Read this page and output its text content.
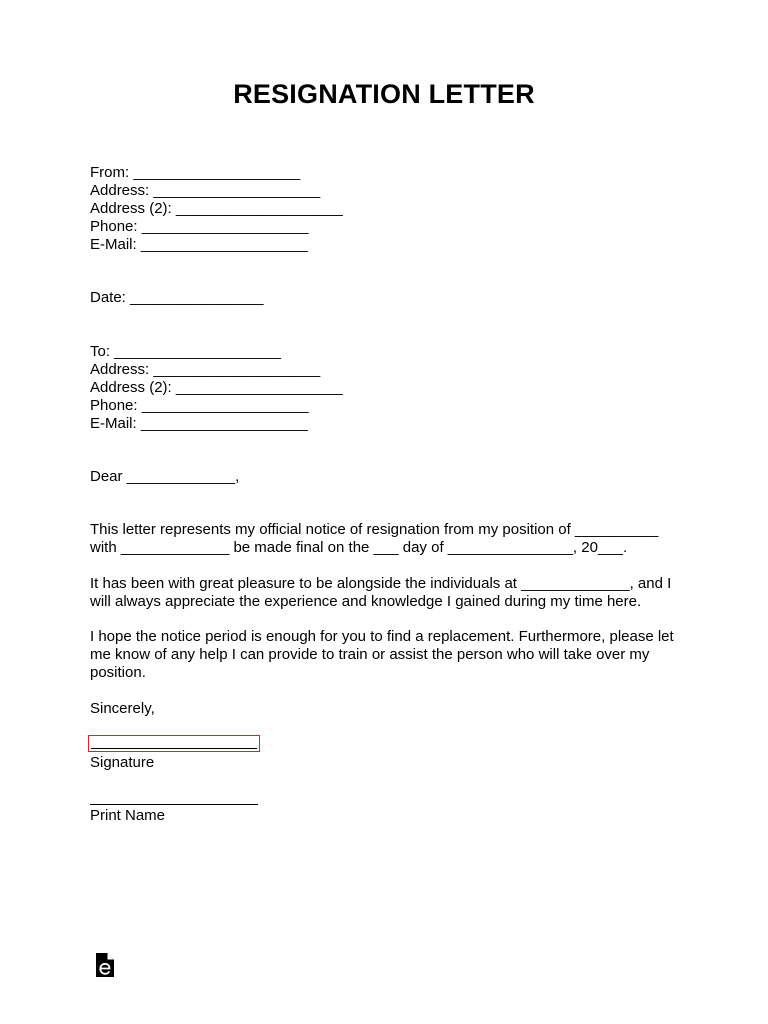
RESIGNATION LETTER
From: ____________________
Address: ____________________
Address (2): ____________________
Phone: ____________________
E-Mail: ____________________
Date: ________________
To: ____________________
Address: ____________________
Address (2): ____________________
Phone: ____________________
E-Mail: ____________________
Dear _____________,
This letter represents my official notice of resignation from my position of __________
with _____________ be made final on the ___ day of _______________, 20___.
It has been with great pleasure to be alongside the individuals at _____________, and I
will always appreciate the experience and knowledge I gained during my time here.
I hope the notice period is enough for you to find a replacement. Furthermore, please let
me know of any help I can provide to train or assist the person who will take over my
position.
Sincerely,
Signature
Print Name
